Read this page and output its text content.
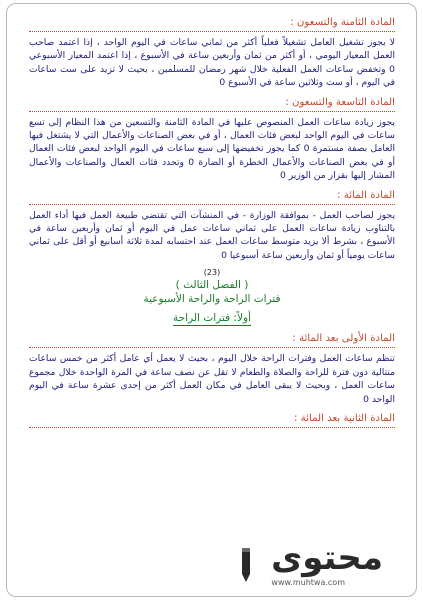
المادة الثامنة والتسعون :

لا يجوز تشغيل العامل تشغيلاً فعلياً أكثر من ثماني ساعات في اليوم الواحد ، إذا اعتمد صاحب العمل المعيار اليومي ، أو أكثر من ثمان وأربعين ساعة في الأسبوع ، إذا اعتمد المعيار الأسبوعي 0 وتخفض ساعات العمل الفعلية خلال شهر رمضان للمسلمين ، بحيث لا تزيد على ست ساعات في اليوم ، أو ست وثلاثين ساعة في الأسبوع 0

المادة التاسعة والتسعون :

يجوز زيادة ساعات العمل المنصوص عليها في المادة الثامنة والتسعين من هذا النظام إلى تسع ساعات في اليوم الواحد لبعض فئات العمال ، أو في بعض الصناعات والأعمال التي لا يشتغل فيها العامل بصفة مستمرة 0 كما يجوز تخفيضها إلى سبع ساعات في اليوم الواحد لبعض فئات العمال أو في بعض الصناعات والأعمال الخطرة أو الضارة 0 وتحدد فئات العمال والصناعات والأعمال المشار إليها بقرار من الوزير 0

المادة المائة :

يجوز لصاحب العمل - بموافقة الوزارة - في المنشآت التي تقتضي طبيعة العمل فيها أداء العمل بالتناوب زيادة ساعات العمل على ثماني ساعات عمل في اليوم أو ثمان وأربعين ساعة في الأسبوع ، بشرط ألا يزيد متوسط ساعات العمل عند احتسابه لمدة ثلاثة أسابيع أو أقل على ثماني ساعات يومياً أو ثمان وأربعين ساعة أسبوعيا 0

(23)
( الفصل الثالث )
فترات الراحة والراحة الأسبوعية
أولاً: فترات الراحة
المادة الأولى بعد المائة :

تنظم ساعات العمل وفترات الراحة خلال اليوم ، بحيث لا يعمل أي عامل أكثر من خمس ساعات متتالية دون فترة للراحة والصلاة والطعام لا تقل عن نصف ساعة في المرة الواحدة خلال مجموع ساعات العمل ، وبحيث لا يبقى العامل في مكان العمل أكثر من إحدى عشرة ساعة في اليوم الواحد 0

المادة الثانية بعد المائة :
محتوى
www.muhtwa.com
